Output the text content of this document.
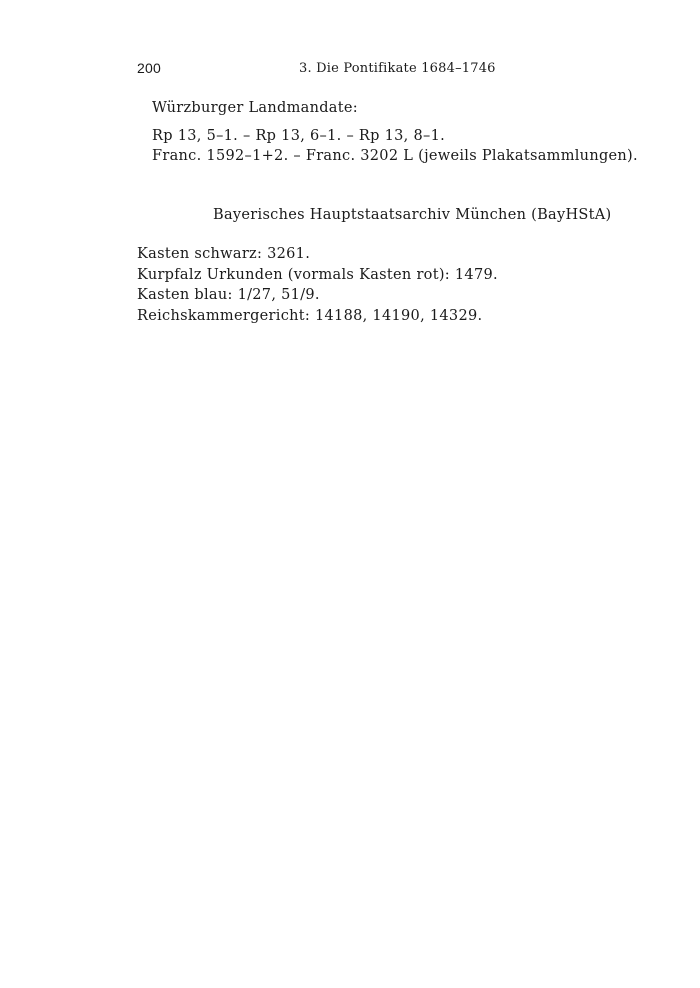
200	3. Die Pontifikate 1684–1746
Würzburger Landmandate:
Rp 13, 5–1. – Rp 13, 6–1. – Rp 13, 8–1.
Franc. 1592–1+2. – Franc. 3202 L (jeweils Plakatsammlungen).
Bayerisches Hauptstaatsarchiv München (BayHStA)
Kasten schwarz: 3261.
Kurpfalz Urkunden (vormals Kasten rot): 1479.
Kasten blau: 1/27, 51/9.
Reichskammergericht: 14188, 14190, 14329.
